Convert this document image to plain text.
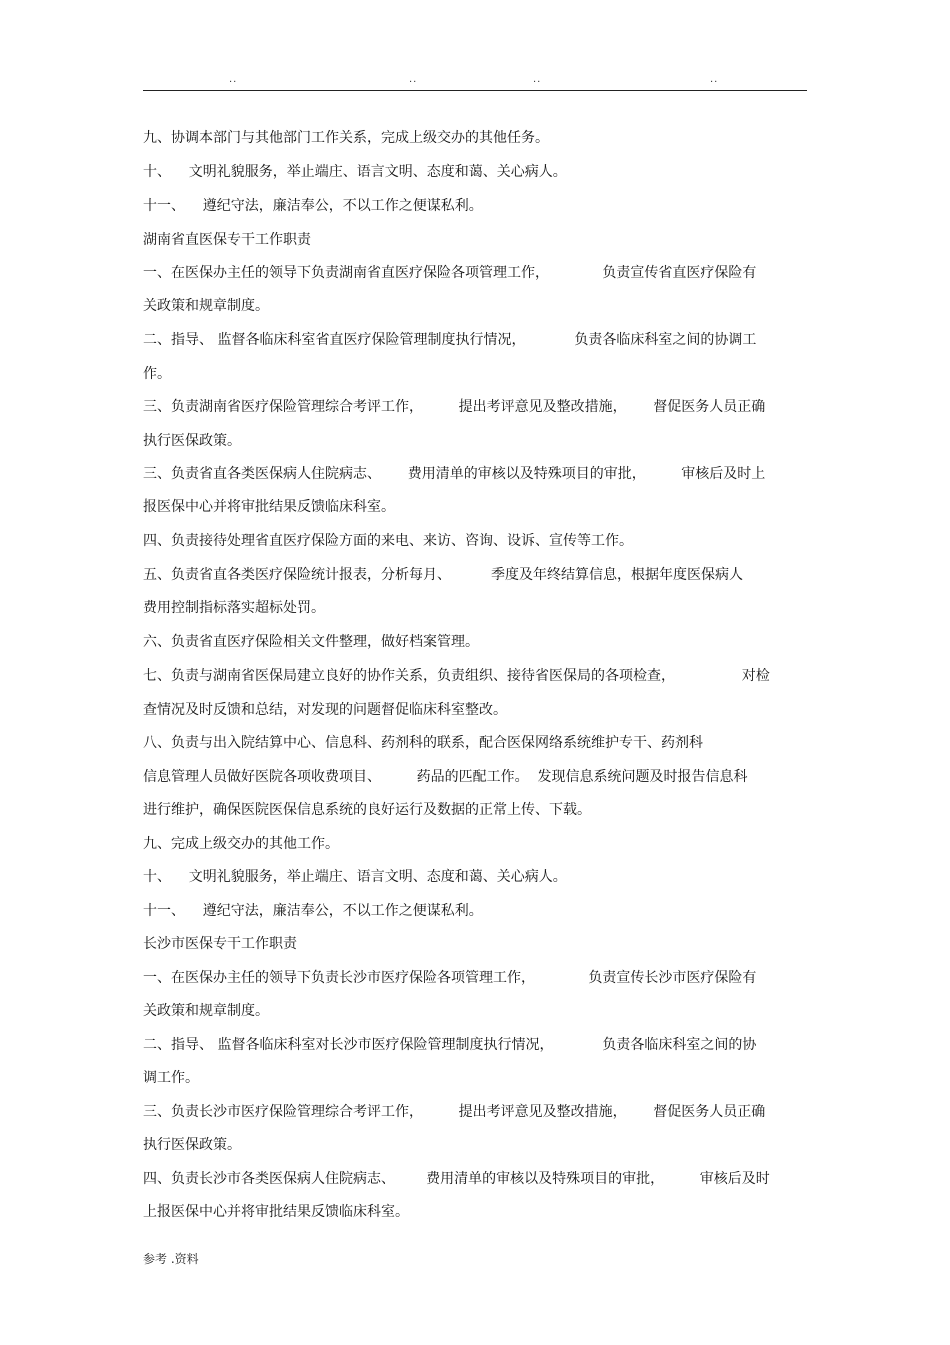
..	..	..	..
九、协调本部门与其他部门工作关系，完成上级交办的其他任务。
十、    文明礼貌服务，举止端庄、语言文明、态度和蔼、关心病人。
十一、    遵纪守法，廉洁奉公，不以工作之便谋私利。
湖南省直医保专干工作职责
一、在医保办主任的领导下负责湖南省直医疗保险各项管理工作，            负责宣传省直医疗保险有
关政策和规章制度。
二、指导、 监督各临床科室省直医疗保险管理制度执行情况，           负责各临床科室之间的协调工
作。
三、负责湖南省医疗保险管理综合考评工作，        提出考评意见及整改措施，      督促医务人员正确
执行医保政策。
三、负责省直各类医保病人住院病志、      费用清单的审核以及特殊项目的审批，        审核后及时上
报医保中心并将审批结果反馈临床科室。
四、负责接待处理省直医疗保险方面的来电、来访、咨询、设诉、宣传等工作。
五、负责省直各类医疗保险统计报表，分析每月、         季度及年终结算信息，根据年度医保病人
费用控制指标落实超标处罚。
六、负责省直医疗保险相关文件整理，做好档案管理。
七、负责与湖南省医保局建立良好的协作关系，负责组织、接待省医保局的各项检查，               对检
查情况及时反馈和总结，对发现的问题督促临床科室整改。
八、负责与出入院结算中心、信息科、药剂科的联系，配合医保网络系统维护专干、药剂科
信息管理人员做好医院各项收费项目、        药品的匹配工作。  发现信息系统问题及时报告信息科
进行维护，确保医院医保信息系统的良好运行及数据的正常上传、下载。
九、完成上级交办的其他工作。
十、    文明礼貌服务，举止端庄、语言文明、态度和蔼、关心病人。
十一、    遵纪守法，廉洁奉公，不以工作之便谋私利。
长沙市医保专干工作职责
一、在医保办主任的领导下负责长沙市医疗保险各项管理工作，            负责宣传长沙市医疗保险有
关政策和规章制度。
二、指导、 监督各临床科室对长沙市医疗保险管理制度执行情况，           负责各临床科室之间的协
调工作。
三、负责长沙市医疗保险管理综合考评工作，        提出考评意见及整改措施，      督促医务人员正确
执行医保政策。
四、负责长沙市各类医保病人住院病志、       费用清单的审核以及特殊项目的审批，        审核后及时
上报医保中心并将审批结果反馈临床科室。
参考 .资料
